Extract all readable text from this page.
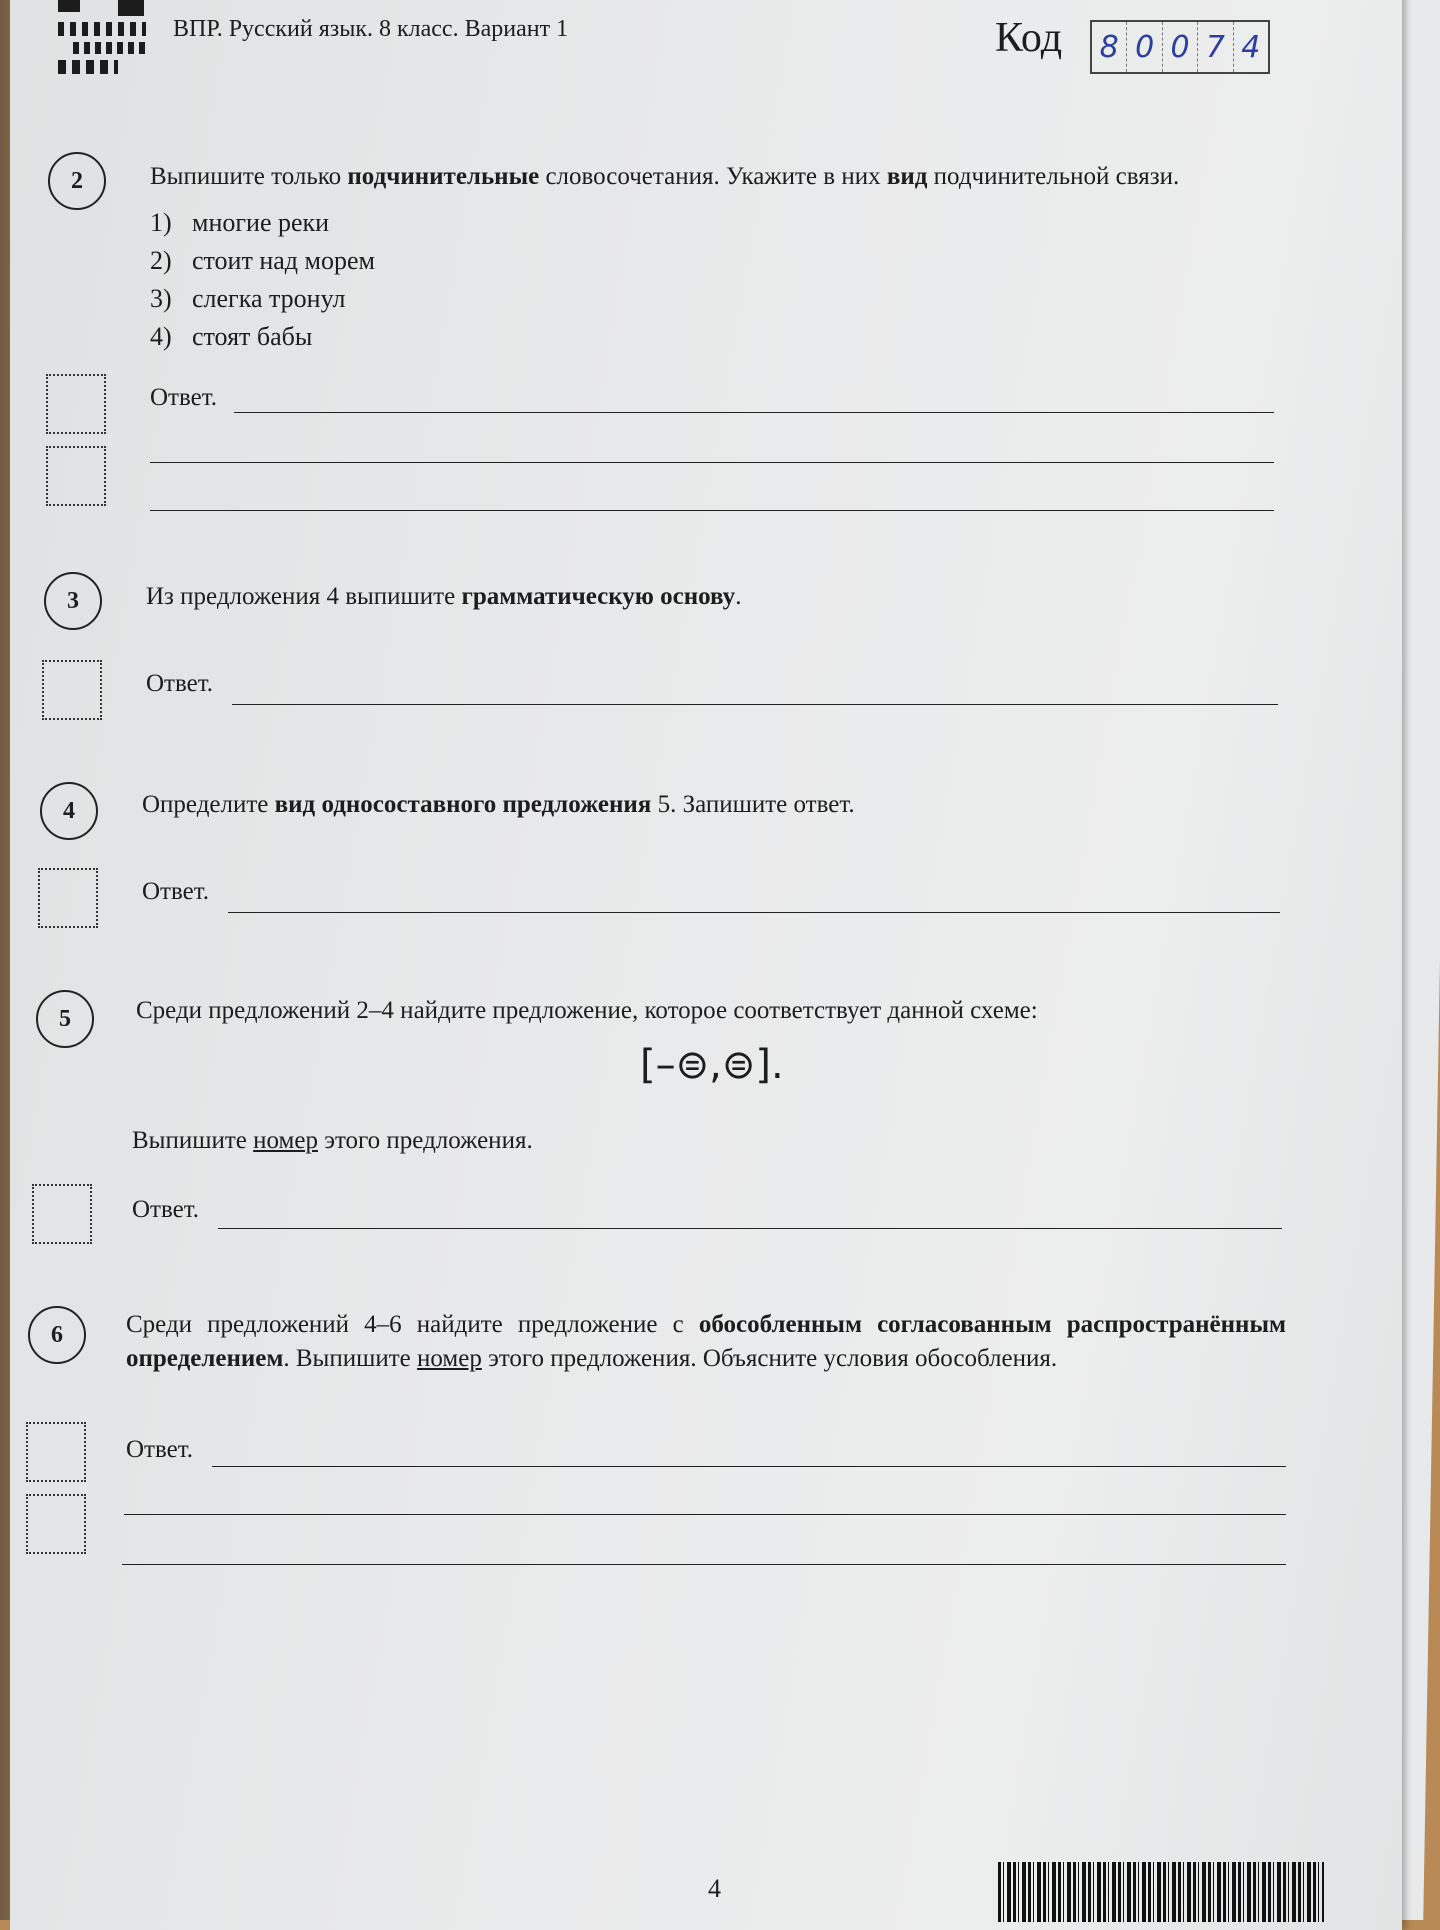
ВПР. Русский язык. 8 класс. Вариант 1	Код 8 0 0 7 4
2	Выпишите только подчинительные словосочетания. Укажите в них вид подчинительной связи.
1) многие реки
2) стоит над морем
3) слегка тронул
4) стоят бабы
Ответ.
3	Из предложения 4 выпишите грамматическую основу.
Ответ.
4	Определите вид односоставного предложения 5. Запишите ответ.
Ответ.
5	Среди предложений 2–4 найдите предложение, которое соответствует данной схеме:
[–⊜,⊜].
Выпишите номер этого предложения.
Ответ.
6	Среди предложений 4–6 найдите предложение с обособленным согласованным распространённым определением. Выпишите номер этого предложения. Объясните условия обособления.
Ответ.
4
